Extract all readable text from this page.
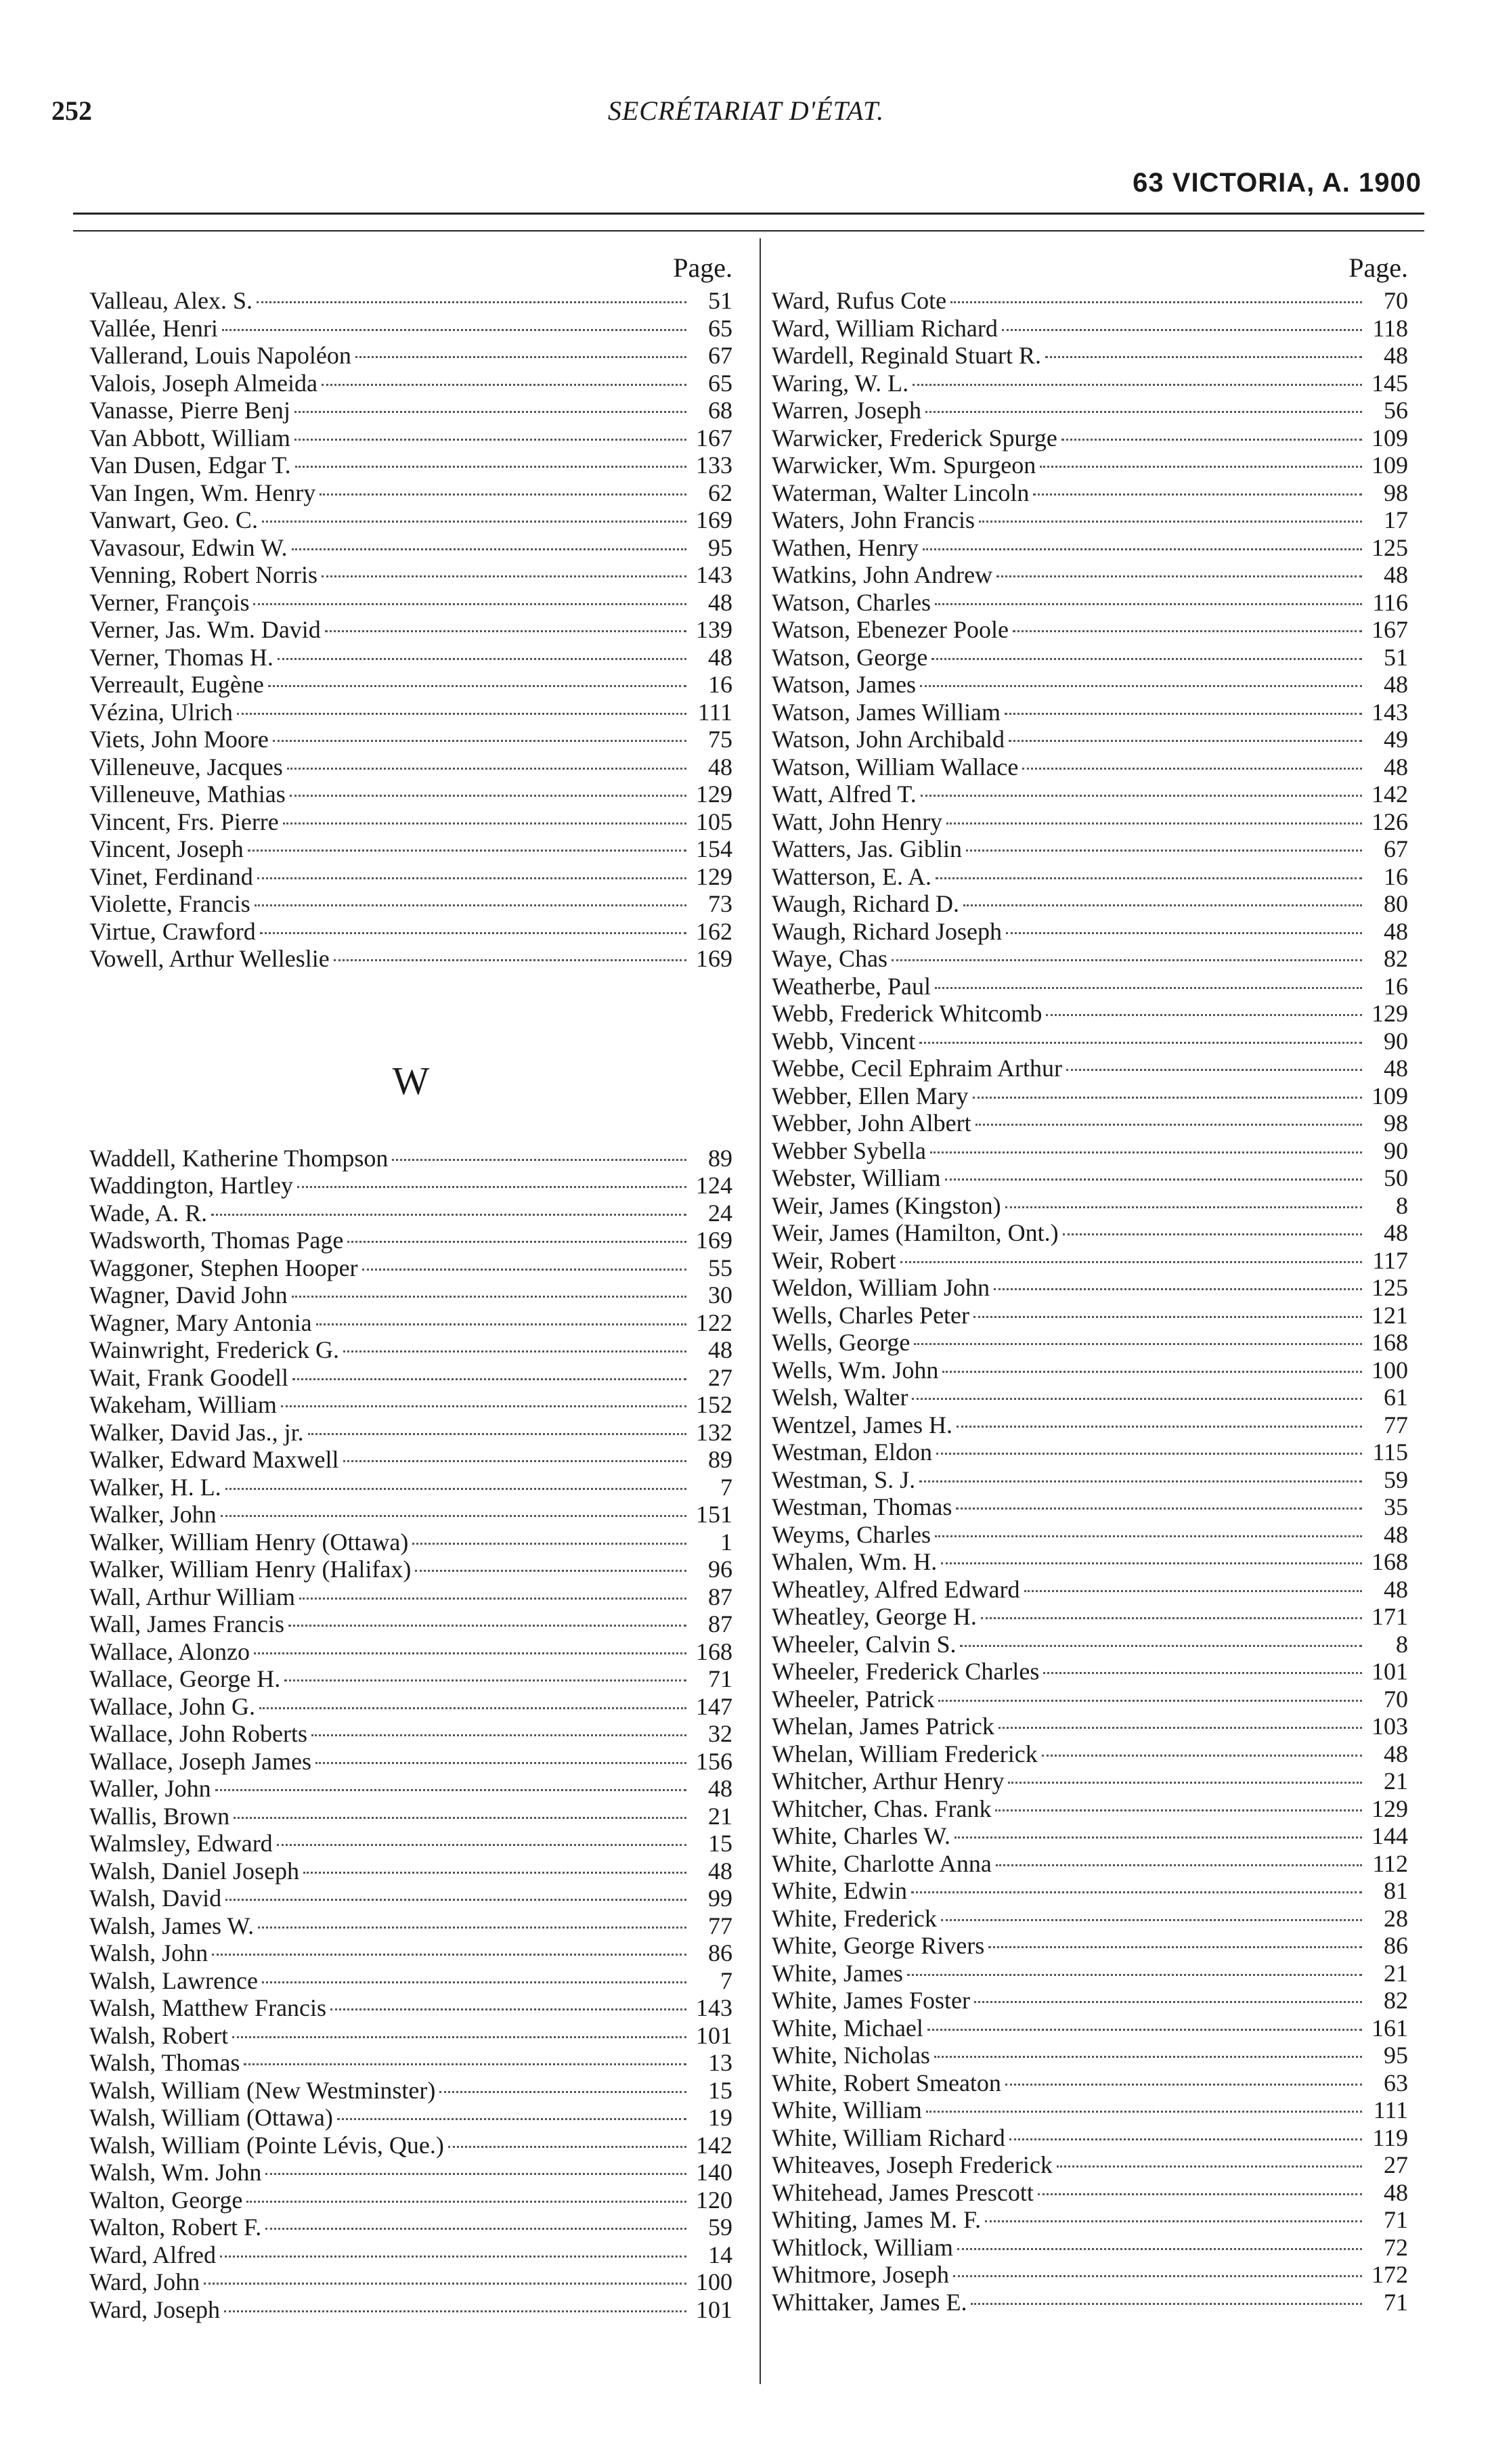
252	SECRÉTARIAT D'ÉTAT.
63 VICTORIA, A. 1900
Page.
Valleau, Alex. S.	51
Vallée, Henri	65
Vallerand, Louis Napoléon	67
Valois, Joseph Almeida	65
Vanasse, Pierre Benj	68
Van Abbott, William	167
Van Dusen, Edgar T.	133
Van Ingen, Wm. Henry	62
Vanwart, Geo. C.	169
Vavasour, Edwin W.	95
Venning, Robert Norris	143
Verner, François	48
Verner, Jas. Wm. David	139
Verner, Thomas H.	48
Verreault, Eugène	16
Vézina, Ulrich	111
Viets, John Moore	75
Villeneuve, Jacques	48
Villeneuve, Mathias	129
Vincent, Frs. Pierre	105
Vincent, Joseph	154
Vinet, Ferdinand	129
Violette, Francis	73
Virtue, Crawford	162
Vowell, Arthur Welleslie	169
W
Waddell, Katherine Thompson	89
Waddington, Hartley	124
Wade, A. R.	24
Wadsworth, Thomas Page	169
Waggoner, Stephen Hooper	55
Wagner, David John	30
Wagner, Mary Antonia	122
Wainwright, Frederick G.	48
Wait, Frank Goodell	27
Wakeham, William	152
Walker, David Jas., jr.	132
Walker, Edward Maxwell	89
Walker, H. L.	7
Walker, John	151
Walker, William Henry (Ottawa)	1
Walker, William Henry (Halifax)	96
Wall, Arthur William	87
Wall, James Francis	87
Wallace, Alonzo	168
Wallace, George H.	71
Wallace, John G.	147
Wallace, John Roberts	32
Wallace, Joseph James	156
Waller, John	48
Wallis, Brown	21
Walmsley, Edward	15
Walsh, Daniel Joseph	48
Walsh, David	99
Walsh, James W.	77
Walsh, John	86
Walsh, Lawrence	7
Walsh, Matthew Francis	143
Walsh, Robert	101
Walsh, Thomas	13
Walsh, William (New Westminster)	15
Walsh, William (Ottawa)	19
Walsh, William (Pointe Lévis, Que.)	142
Walsh, Wm. John	140
Walton, George	120
Walton, Robert F.	59
Ward, Alfred	14
Ward, John	100
Ward, Joseph	101
Page.
Ward, Rufus Cote	70
Ward, William Richard	118
Wardell, Reginald Stuart R.	48
Waring, W. L.	145
Warren, Joseph	56
Warwicker, Frederick Spurge	109
Warwicker, Wm. Spurgeon	109
Waterman, Walter Lincoln	98
Waters, John Francis	17
Wathen, Henry	125
Watkins, John Andrew	48
Watson, Charles	116
Watson, Ebenezer Poole	167
Watson, George	51
Watson, James	48
Watson, James William	143
Watson, John Archibald	49
Watson, William Wallace	48
Watt, Alfred T.	142
Watt, John Henry	126
Watters, Jas. Giblin	67
Watterson, E. A.	16
Waugh, Richard D.	80
Waugh, Richard Joseph	48
Waye, Chas	82
Weatherbe, Paul	16
Webb, Frederick Whitcomb	129
Webb, Vincent	90
Webbe, Cecil Ephraim Arthur	48
Webber, Ellen Mary	109
Webber, John Albert	98
Webber Sybella	90
Webster, William	50
Weir, James (Kingston)	8
Weir, James (Hamilton, Ont.)	48
Weir, Robert	117
Weldon, William John	125
Wells, Charles Peter	121
Wells, George	168
Wells, Wm. John	100
Welsh, Walter	61
Wentzel, James H.	77
Westman, Eldon	115
Westman, S. J.	59
Westman, Thomas	35
Weyms, Charles	48
Whalen, Wm. H.	168
Wheatley, Alfred Edward	48
Wheatley, George H.	171
Wheeler, Calvin S.	8
Wheeler, Frederick Charles	101
Wheeler, Patrick	70
Whelan, James Patrick	103
Whelan, William Frederick	48
Whitcher, Arthur Henry	21
Whitcher, Chas. Frank	129
White, Charles W.	144
White, Charlotte Anna	112
White, Edwin	81
White, Frederick	28
White, George Rivers	86
White, James	21
White, James Foster	82
White, Michael	161
White, Nicholas	95
White, Robert Smeaton	63
White, William	111
White, William Richard	119
Whiteaves, Joseph Frederick	27
Whitehead, James Prescott	48
Whiting, James M. F.	71
Whitlock, William	72
Whitmore, Joseph	172
Whittaker, James E.	71
